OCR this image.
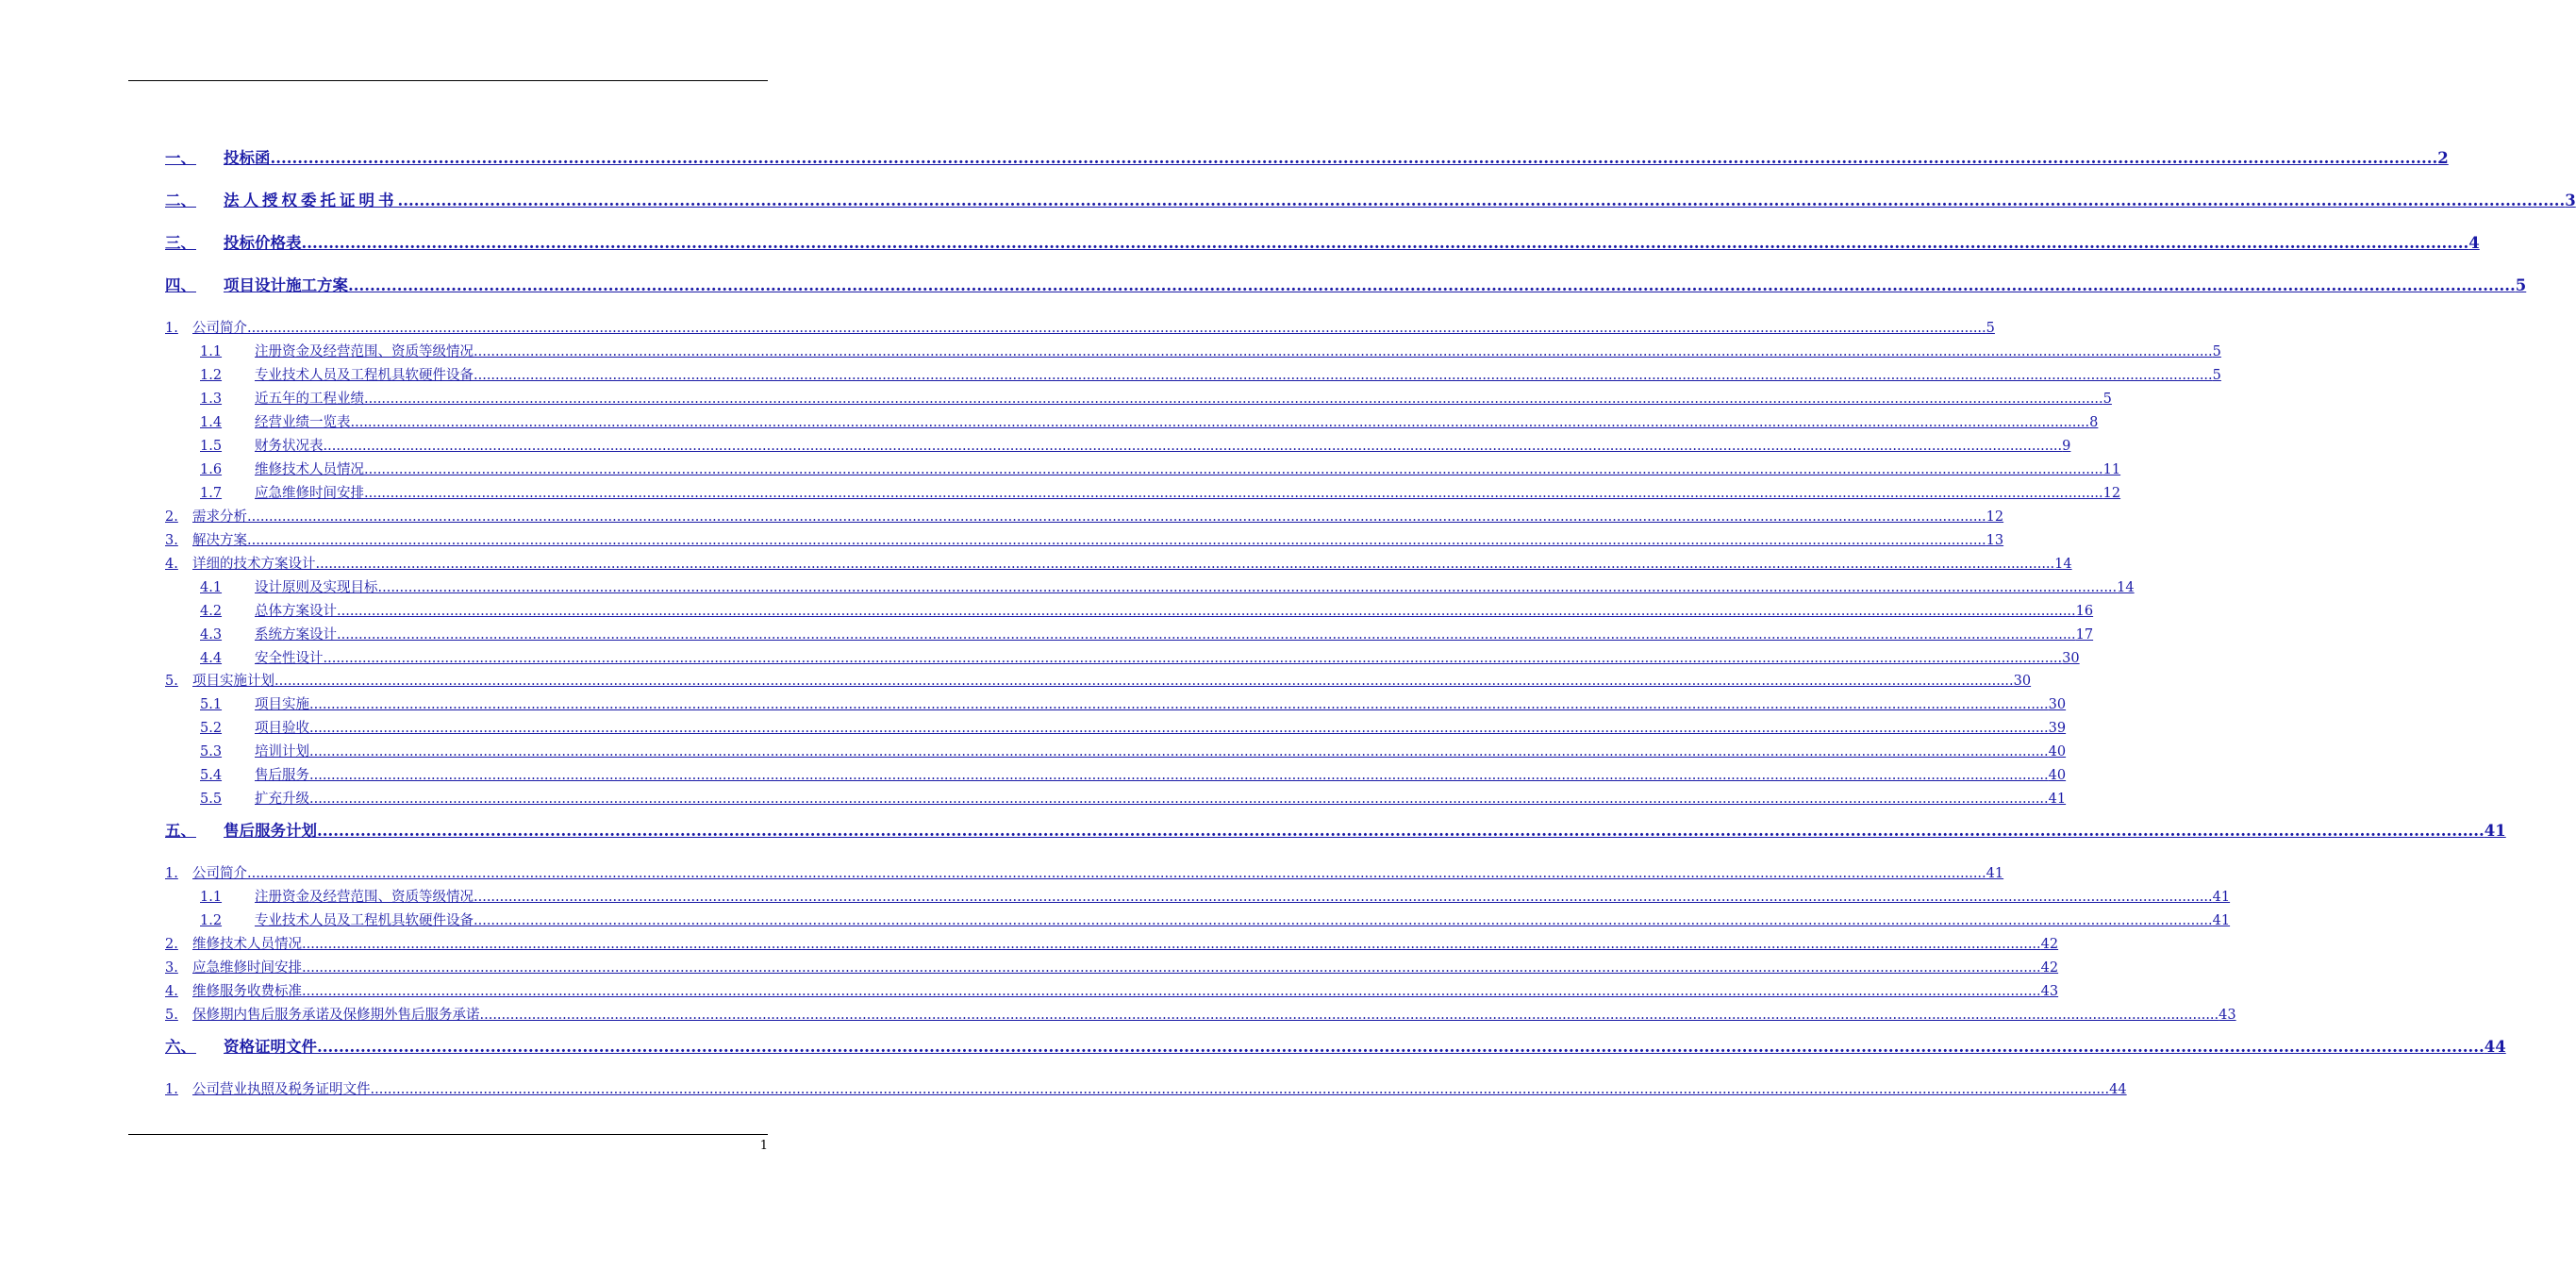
一、	投标函 ................................................................................................................................................................................................................................................................................................................................................................................................................ 2
二、	法人授权委托证明书 ................................................................................................................................................................................................................................................................................................................................................................................................................ 3
三、	投标价格表 ................................................................................................................................................................................................................................................................................................................................................................................................................ 4
四、	项目设计施工方案 ................................................................................................................................................................................................................................................................................................................................................................................................................ 5
1.	公司简介 ................................................................................................................................................................................................................................................................................................................................................................................................................ 5
1.1	注册资金及经营范围、资质等级情况 ................................................................................................................................................................................................................................................................................................................................................................................................................ 5
1.2	专业技术人员及工程机具软硬件设备 ................................................................................................................................................................................................................................................................................................................................................................................................................ 5
1.3	近五年的工程业绩 ................................................................................................................................................................................................................................................................................................................................................................................................................ 5
1.4	经营业绩一览表 ................................................................................................................................................................................................................................................................................................................................................................................................................ 8
1.5	财务状况表 ................................................................................................................................................................................................................................................................................................................................................................................................................ 9
1.6	维修技术人员情况 ................................................................................................................................................................................................................................................................................................................................................................................................................ 11
1.7	应急维修时间安排 ................................................................................................................................................................................................................................................................................................................................................................................................................ 12
2.	需求分析 ................................................................................................................................................................................................................................................................................................................................................................................................................ 12
3.	解决方案 ................................................................................................................................................................................................................................................................................................................................................................................................................ 13
4.	详细的技术方案设计 ................................................................................................................................................................................................................................................................................................................................................................................................................ 14
4.1	设计原则及实现目标 ................................................................................................................................................................................................................................................................................................................................................................................................................ 14
4.2	总体方案设计 ................................................................................................................................................................................................................................................................................................................................................................................................................ 16
4.3	系统方案设计 ................................................................................................................................................................................................................................................................................................................................................................................................................ 17
4.4	安全性设计 ................................................................................................................................................................................................................................................................................................................................................................................................................ 30
5.	项目实施计划 ................................................................................................................................................................................................................................................................................................................................................................................................................ 30
5.1	项目实施 ................................................................................................................................................................................................................................................................................................................................................................................................................ 30
5.2	项目验收 ................................................................................................................................................................................................................................................................................................................................................................................................................ 39
5.3	培训计划 ................................................................................................................................................................................................................................................................................................................................................................................................................ 40
5.4	售后服务 ................................................................................................................................................................................................................................................................................................................................................................................................................ 40
5.5	扩充升级 ................................................................................................................................................................................................................................................................................................................................................................................................................ 41
五、	售后服务计划 ................................................................................................................................................................................................................................................................................................................................................................................................................ 41
1.	公司简介 ................................................................................................................................................................................................................................................................................................................................................................................................................ 41
1.1	注册资金及经营范围、资质等级情况 ................................................................................................................................................................................................................................................................................................................................................................................................................ 41
1.2	专业技术人员及工程机具软硬件设备 ................................................................................................................................................................................................................................................................................................................................................................................................................ 41
2.	维修技术人员情况 ................................................................................................................................................................................................................................................................................................................................................................................................................ 42
3.	应急维修时间安排 ................................................................................................................................................................................................................................................................................................................................................................................................................ 42
4.	维修服务收费标准 ................................................................................................................................................................................................................................................................................................................................................................................................................ 43
5.	保修期内售后服务承诺及保修期外售后服务承诺 ................................................................................................................................................................................................................................................................................................................................................................................................................ 43
六、	资格证明文件 ................................................................................................................................................................................................................................................................................................................................................................................................................ 44
1.	公司营业执照及税务证明文件 ................................................................................................................................................................................................................................................................................................................................................................................................................ 44
1
